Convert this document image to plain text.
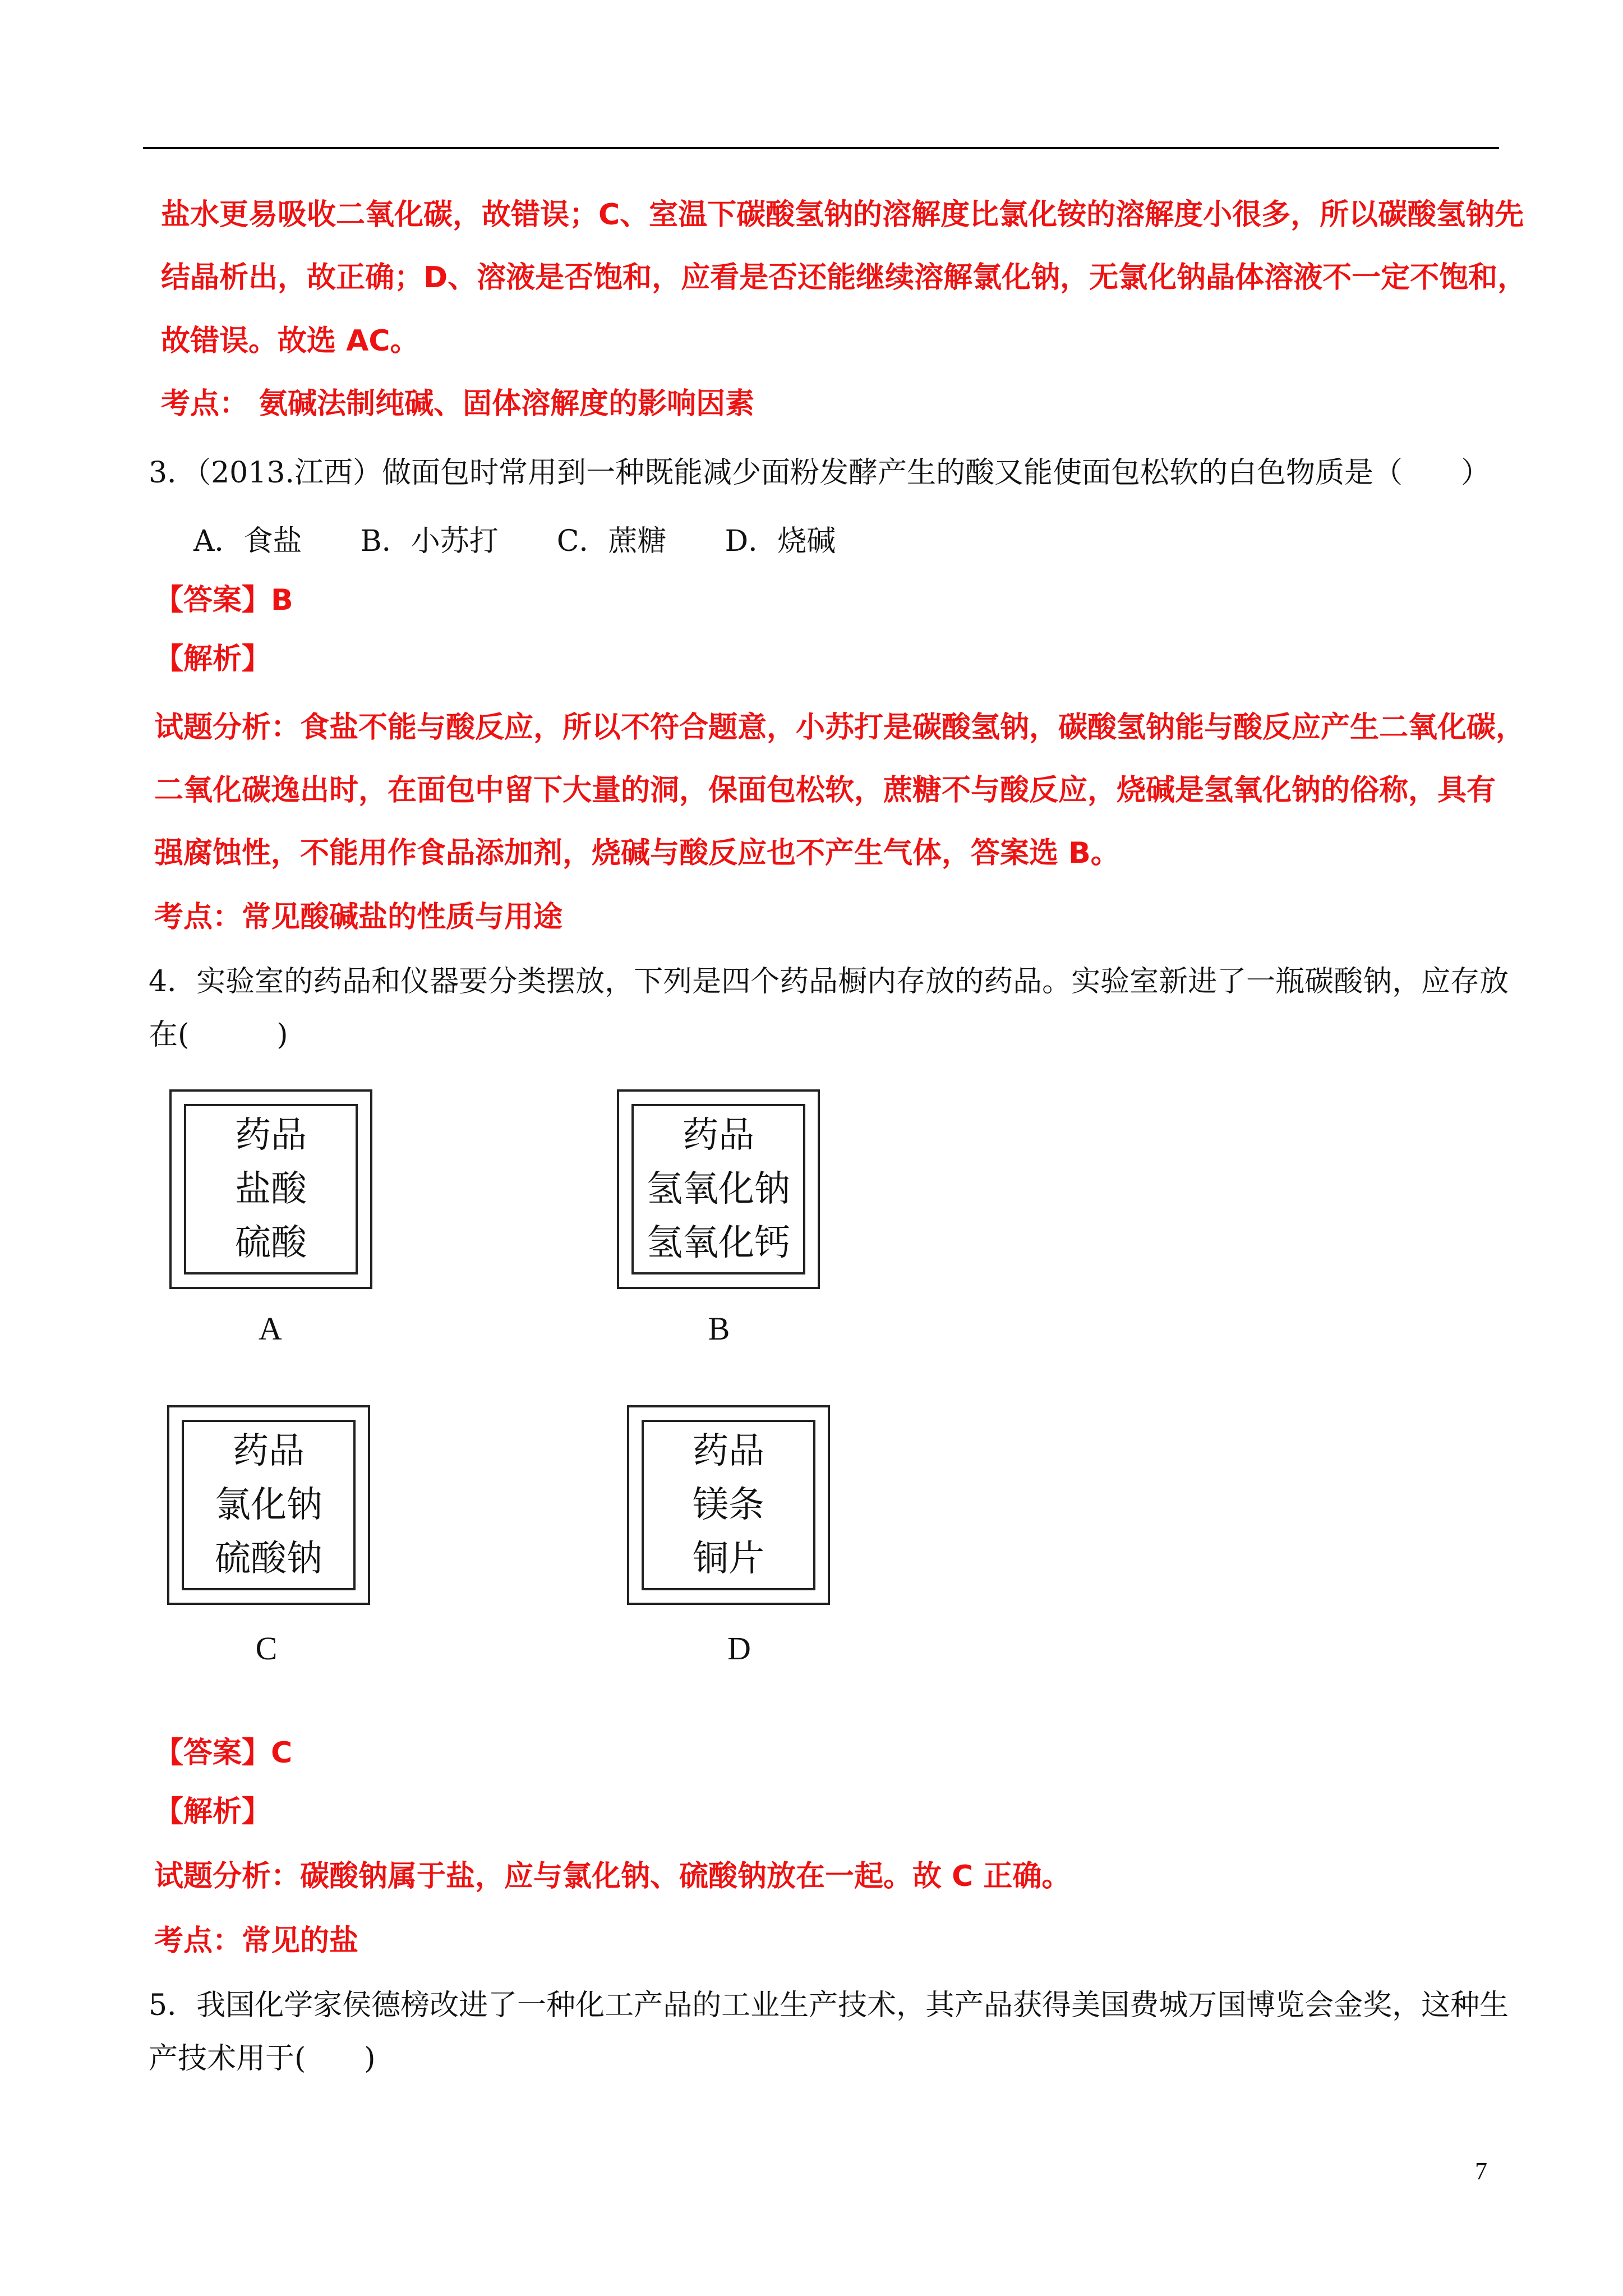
盐水更易吸收二氧化碳，故错误；C、室温下碳酸氢钠的溶解度比氯化铵的溶解度小很多，所以碳酸氢钠先
结晶析出，故正确；D、溶液是否饱和，应看是否还能继续溶解氯化钠，无氯化钠晶体溶液不一定不饱和，
故错误。故选 AC。
考点： 氨碱法制纯碱、固体溶解度的影响因素
3．（2013.江西）做面包时常用到一种既能减少面粉发酵产生的酸又能使面包松软的白色物质是（　　）
A．食盐　　B．小苏打　　C．蔗糖　　D．烧碱
【答案】B
【解析】
试题分析：食盐不能与酸反应，所以不符合题意，小苏打是碳酸氢钠，碳酸氢钠能与酸反应产生二氧化碳，
二氧化碳逸出时，在面包中留下大量的洞，保面包松软，蔗糖不与酸反应，烧碱是氢氧化钠的俗称，具有
强腐蚀性，不能用作食品添加剂，烧碱与酸反应也不产生气体，答案选 B。
考点：常见酸碱盐的性质与用途
4．实验室的药品和仪器要分类摆放，下列是四个药品橱内存放的药品。实验室新进了一瓶碳酸钠，应存放
在(　　　)
药品
盐酸
硫酸
A
药品
氢氧化钠
氢氧化钙
B
药品
氯化钠
硫酸钠
C
药品
镁条
铜片
D
【答案】C
【解析】
试题分析：碳酸钠属于盐，应与氯化钠、硫酸钠放在一起。故 C 正确。
考点：常见的盐
5．我国化学家侯德榜改进了一种化工产品的工业生产技术，其产品获得美国费城万国博览会金奖，这种生
产技术用于(　　)
7
